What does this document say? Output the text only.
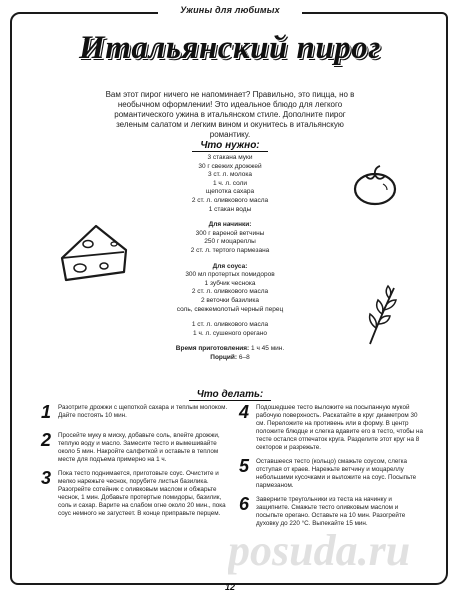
Ужины для любимых
Итальянский пирог
Вам этот пирог ничего не напоминает? Правильно, это пицца, но в необычном оформлении! Это идеальное блюдо для легкого романтического ужина в итальянском стиле. Дополните пирог зеленым салатом и легким вином и окунитесь в итальянскую романтику.
Что нужно:
3 стакана муки
30 г свежих дрожжей
3 ст. л. молока
1 ч. л. соли
щепотка сахара
2 ст. л. оливкового масла
1 стакан воды
Для начинки:
300 г вареной ветчины
250 г моцареллы
2 ст. л. тертого пармезана
Для соуса:
300 мл протертых помидоров
1 зубчик чеснока
2 ст. л. оливкового масла
2 веточки базилика
соль, свежемолотый черный перец
1 ст. л. оливкового масла
1 ч. л. сушеного орегано
Время приготовления: 1 ч 45 мин.
Порций: 6–8
Что делать:
1	Разотрите дрожжи с щепоткой сахара и теплым молоком. Дайте постоять 10 мин.
2	Просейте муку в миску, добавьте соль, влейте дрожжи, теплую воду и масло. Замесите тесто и вымешивайте около 5 мин. Накройте салфеткой и оставьте в теплом месте для подъема примерно на 1 ч.
3	Пока тесто поднимается, приготовьте соус. Очистите и мелко нарежьте чеснок, порубите листья базилика. Разогрейте сотейник с оливковым маслом и обжарьте чеснок, 1 мин. Добавьте протертые помидоры, базилик, соль и сахар. Варите на слабом огне около 20 мин., пока соус немного не загустеет. В конце приправьте перцем.
4	Подошедшее тесто выложите на посыпанную мукой рабочую поверхность. Раскатайте в круг диаметром 30 см. Переложите на противень или в форму. В центр положите блюдце и слегка вдавите его в тесто, чтобы на тесте остался отпечаток круга. Разделите этот круг на 8 секторов и разрежьте.
5	Оставшееся тесто (кольцо) смажьте соусом, слегка отступая от краев. Нарежьте ветчину и моцареллу небольшими кусочками и выложите на соус. Посыпьте пармезаном.
6	Заверните треугольники из теста на начинку и защипните. Смажьте тесто оливковым маслом и посыпьте орегано. Оставьте на 10 мин. Разогрейте духовку до 220 °С. Выпекайте 15 мин.
posuda.ru
12
